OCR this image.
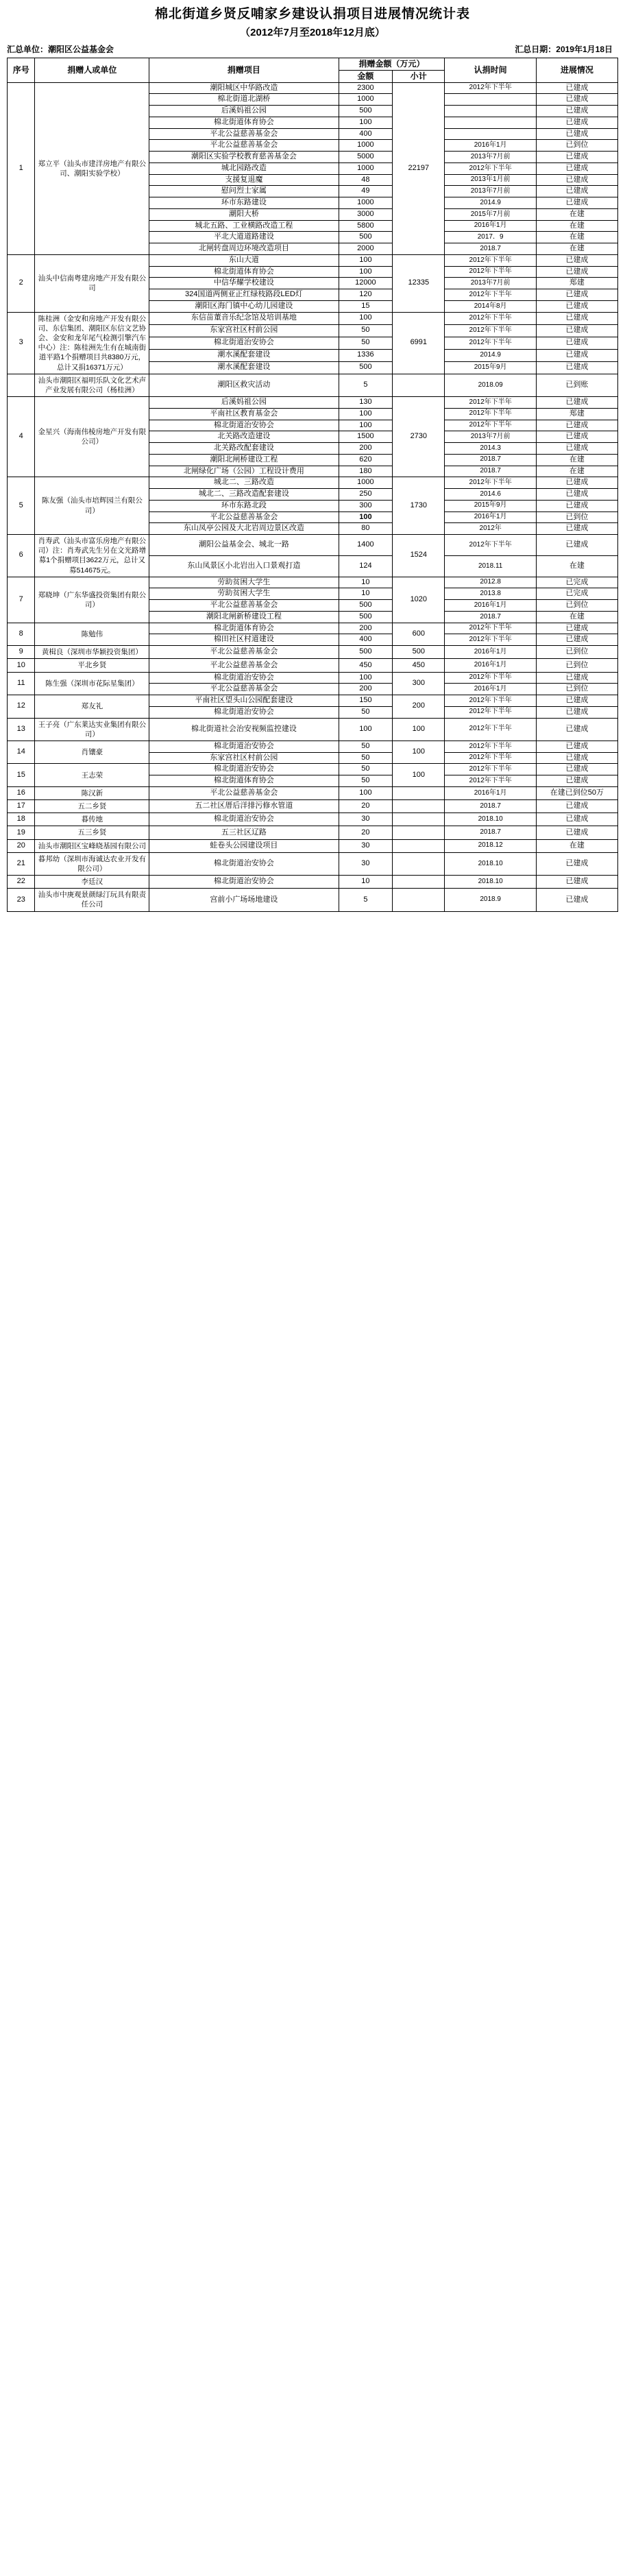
棉北街道乡贤反哺家乡建设认捐项目进展情况统计表
（2012年7月至2018年12月底）
汇总单位：潮阳区公益基金会	汇总日期：2019年1月18日
序号	捐赠人或单位	捐赠项目	捐赠金额（万元）		认捐时间	进展情况
			金额	小计		
1	郑立平（汕头市建洋房地产有限公司、潮阳实验学校）	潮阳城区中华路改造	2300	22197	2012年下半年	已建成
		棉北街道北湖桥	1000			已建成
		后溪妈祖公园	500			已建成
		棉北街道体育协会	100			已建成
		平北公益慈善基金会	400			已建成
		平北公益慈善基金会	1000		2016年1月	已到位
		潮阳区实验学校教育慈善基金会	5000		2013年7月前	已建成
		城北园路改造	1000		2012年下半年	已建成
		支援复退魔	48		2013年1月前	已建成
		慰问烈士家属	49		2013年7月前	已建成
		环市东路建设	1000		2014.9	已建成
		潮阳大桥	3000		2015年7月前	在建
		城北五路、工业横路改造工程	5800		2016年1月	在建
		平北大道道路建设	500		2017．9	在建
		北闸转盘周边环境改造项目	2000		2018.7	在建
2	汕头中信南粤建房地产开发有限公司	东山大道	100	12335	2012年下半年	已建成
		棉北街道体育协会	100		2012年下半年	已建成
		中信华耀学校建设	12000		2013年7月前	郑建
		324国道两侧亚正红绿枝路段LED灯	120		2012年下半年	已建成
		潮阳区海门镇中心幼儿园建设	15		2014年8月	已建成
3	陈桂洲（金安和房地产开发有限公司、东信集团、潮阳区东信文艺协会、金安和龙年尾气检测引擎汽车中心）注：陈桂洲先生有在城南街道平路1个捐赠项目共8380万元，总计又捐16371万元）	东信苗董音乐纪念馆及培训基地	100	6991	2012年下半年	已建成
		东家宫社区村前公园	50		2012年下半年	已建成
		棉北街道治安协会	50		2012年下半年	已建成
		潮水溪配套建设	1336		2014.9	已建成
		潮水溪配套建设	500		2015年9月	已建成
	汕头市潮阳区福明乐队文化艺术声产业发展有限公司（杨桂洲）	潮阳区救灾活动	5		2018.09	已到账
4	金星兴（海南伟棱房地产开发有限公司）	后溪妈祖公园	130	2730	2012年下半年	已建成
		平南社区教育基金会	100		2012年下半年	郑建
		棉北街道治安协会	100		2012年下半年	已建成
		北关路改造建设	1500		2013年7月前	已建成
		北关路改配套建设	200		2014.3	已建成
		潮阳北闸桥建设工程	620		2018.7	在建
		北闸绿化广场（公园）工程设计费用	180		2018.7	在建
5	陈友强（汕头市培辉园兰有限公司）	城北二、三路改造	1000	1730	2012年下半年	已建成
		城北二、三路改造配套建设	250		2014.6	已建成
		环市东路北段	300		2015年9月	已建成
		平北公益慈善基金会	100		2016年1月	已到位
		东山凤亭公园及大北岩周边景区改造	80		2012年	已建成
6	肖寿武（汕头市富乐房地产有限公司）注：肖寿武先生另在文光路增募1个捐赠项目3622万元，总计又募514675元。	潮阳公益基金会、城北一路	1400	1524	2012年下半年	已建成
		东山凤景区小北岩出入口景观打造	124		2018.11	在建
7	郑晓坤（广东华盛投资集团有限公司）	劳助贫困大学生	10	1020	2012.8	已完成
		劳助贫困大学生	10		2013.8	已完成
		平北公益慈善基金会	500		2016年1月	已到位
		潮阳北闸新桥建设工程	500		2018.7	在建
8	陈勉伟	棉北街道体育协会	200	600	2012年下半年	已建成
		棉田社区村道建设	400		2012年下半年	已建成
9	黄楫良（深圳市华颖投资集团）	平北公益慈善基金会	500	500	2016年1月	已到位
10	平北乡贤	平北公益慈善基金会	450	450	2016年1月	已到位
11	陈生强（深圳市花际星集团）	棉北街道治安协会	100	300	2012年下半年	已建成
		平北公益慈善基金会	200		2016年1月	已到位
12	郑友礼	平南社区望头山公园配套建设	150	200	2012年下半年	已建成
		棉北街道治安协会	50		2012年下半年	已建成
13	王子亮（广东莱达实业集团有限公司）	棉北街道社会治安视频监控建设	100	100	2012年下半年	已建成
14	肖镶豪	棉北街道治安协会	50	100	2012年下半年	已建成
		东家宫社区村前公园	50		2012年下半年	已建成
15	王志荣	棉北街道治安协会	50	100	2012年下半年	已建成
		棉北街道体育协会	50		2012年下半年	已建成
16	陈汉新	平北公益慈善基金会	100		2016年1月	在建已到位50万
17	五二乡贤	五二社区厝后洋排污修水管道	20		2018.7	已建成
18	暮传地	棉北街道治安协会	30		2018.10	已建成
19	五三乡贤	五三社区辽路	20		2018.7	已建成
20	汕头市潮阳区宝峰晓基园有限公司	蛙卷头公园建设项目	30		2018.12	在建
21	暮邦幼（深圳市海诚达农业开发有限公司）	棉北街道治安协会	30		2018.10	已建成
22	李廷汉	棉北街道治安协会	10		2018.10	已建成
23	汕头市中庚观景颜绿汀玩具有限责任公司	宫前小广场场地建设	5		2018.9	已建成
